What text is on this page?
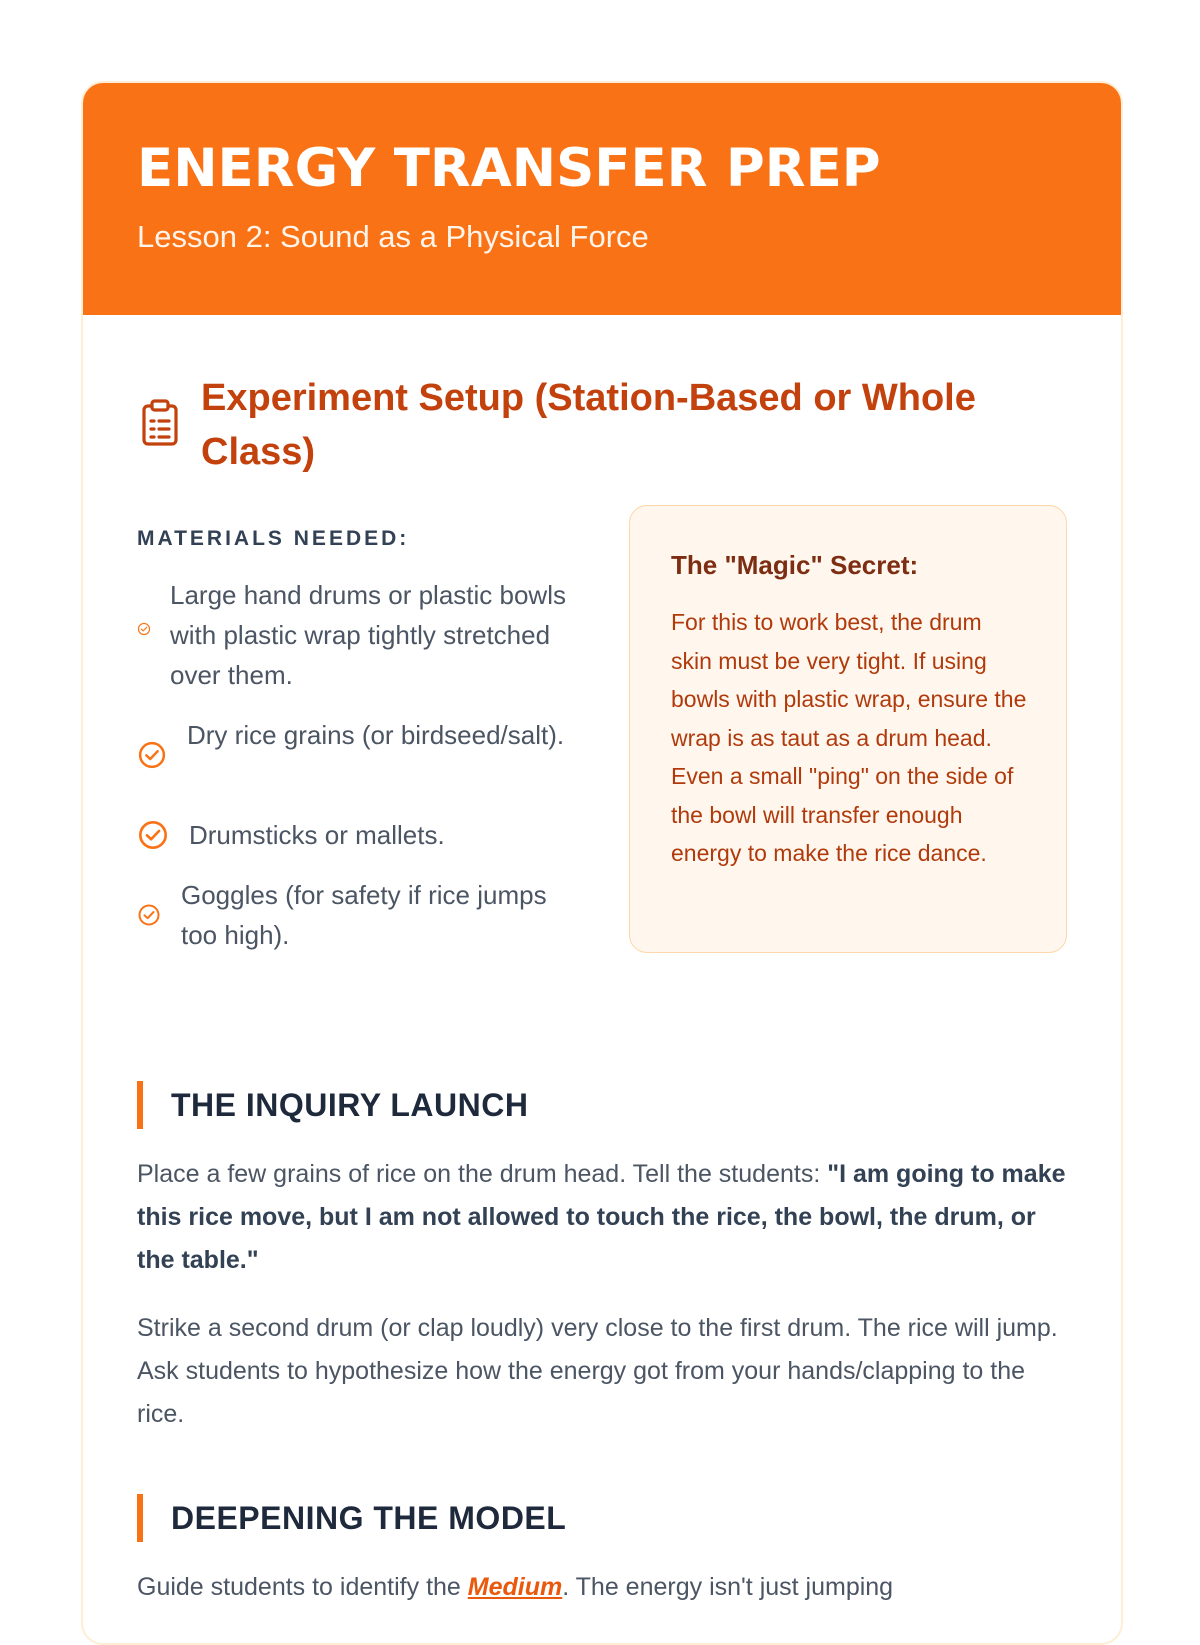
ENERGY TRANSFER PREP
Lesson 2: Sound as a Physical Force
Experiment Setup (Station-Based or Whole Class)
MATERIALS NEEDED:
Large hand drums or plastic bowls with plastic wrap tightly stretched over them.
Dry rice grains (or birdseed/salt).
Drumsticks or mallets.
Goggles (for safety if rice jumps too high).
The "Magic" Secret:

For this to work best, the drum skin must be very tight. If using bowls with plastic wrap, ensure the wrap is as taut as a drum head. Even a small "ping" on the side of the bowl will transfer enough energy to make the rice dance.

THE INQUIRY LAUNCH

Place a few grains of rice on the drum head. Tell the students: "I am going to make this rice move, but I am not allowed to touch the rice, the bowl, the drum, or the table."

Strike a second drum (or clap loudly) very close to the first drum. The rice will jump. Ask students to hypothesize how the energy got from your hands/clapping to the rice.

DEEPENING THE MODEL

Guide students to identify the Medium. The energy isn't just jumping
